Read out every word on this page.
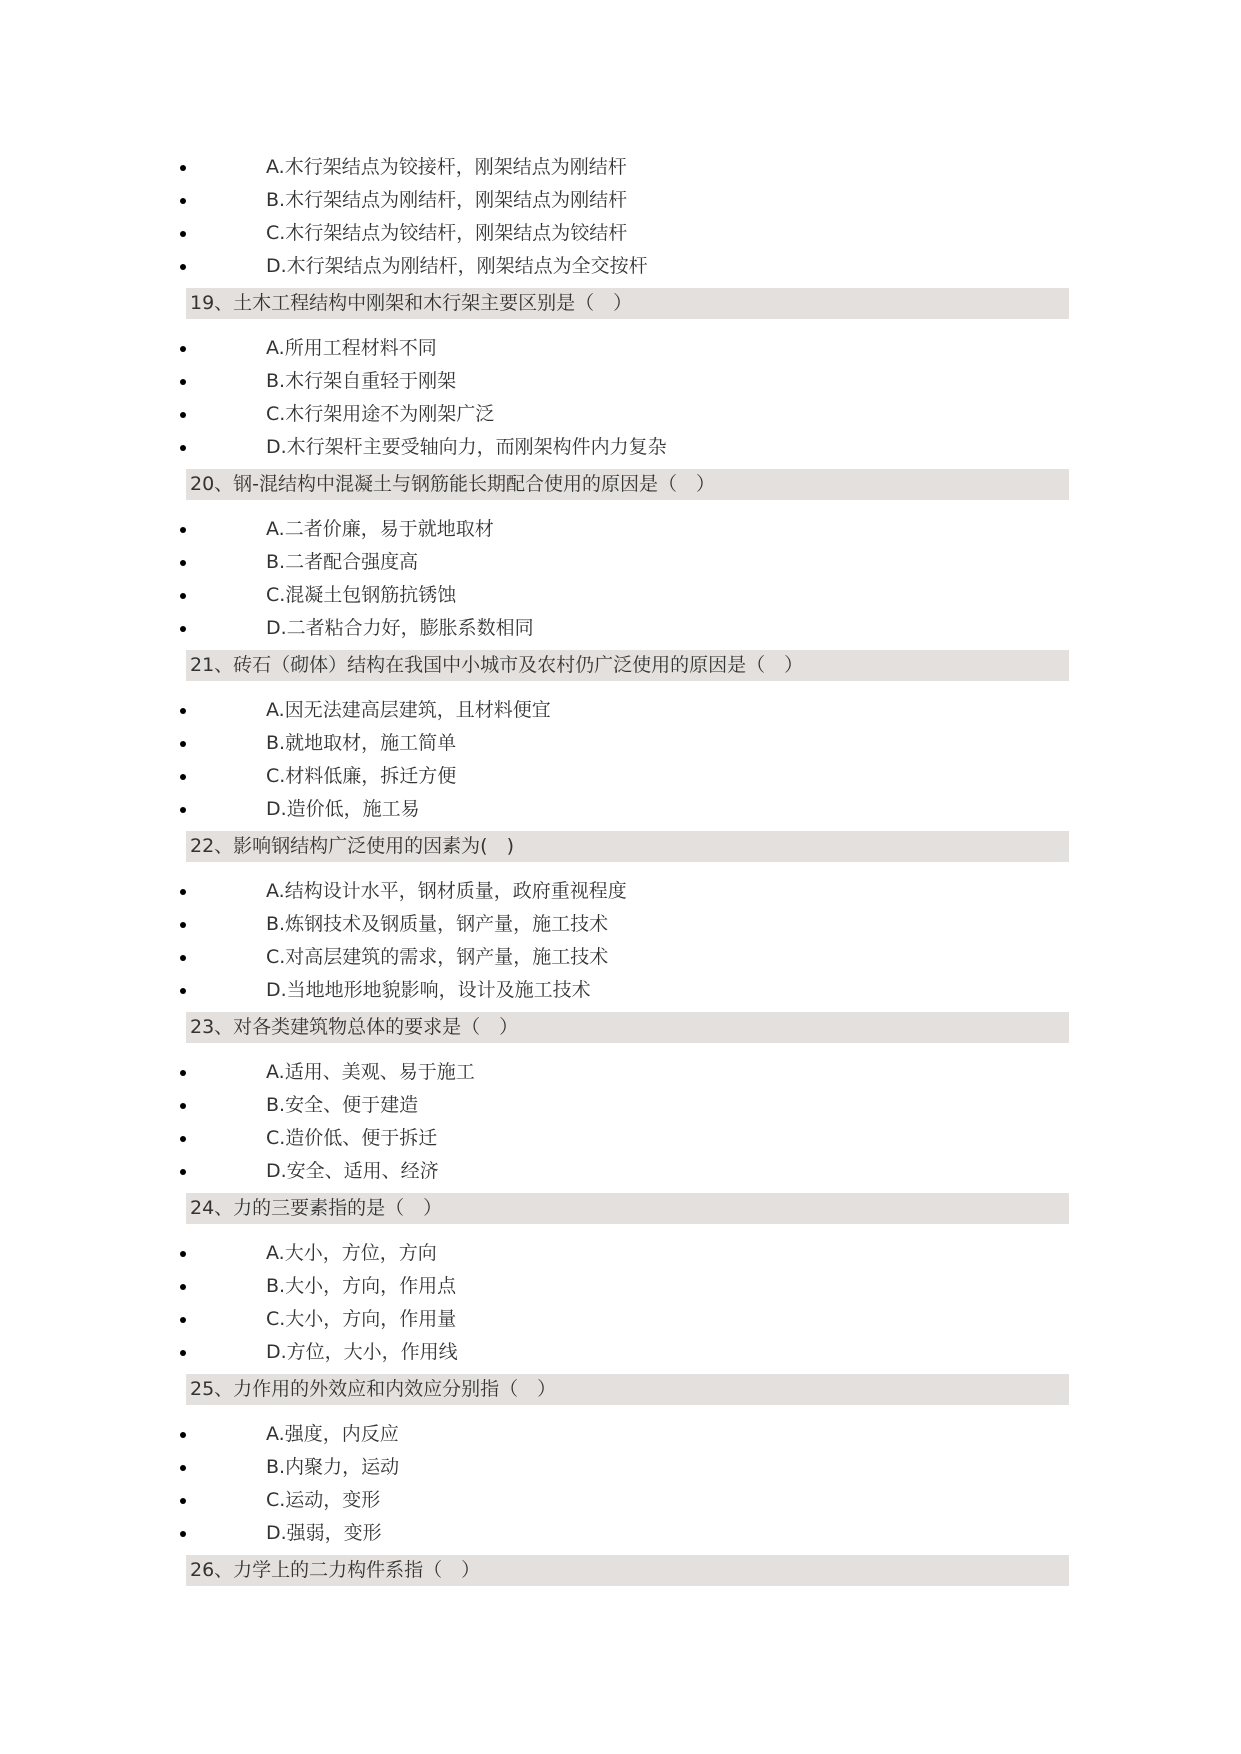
A.木行架结点为铰接杆，刚架结点为刚结杆
B.木行架结点为刚结杆，刚架结点为刚结杆
C.木行架结点为铰结杆，刚架结点为铰结杆
D.木行架结点为刚结杆，刚架结点为全交按杆
19、土木工程结构中刚架和木行架主要区别是（　）
A.所用工程材料不同
B.木行架自重轻于刚架
C.木行架用途不为刚架广泛
D.木行架杆主要受轴向力，而刚架构件内力复杂
20、钢-混结构中混凝土与钢筋能长期配合使用的原因是（　）
A.二者价廉，易于就地取材
B.二者配合强度高
C.混凝土包钢筋抗锈蚀
D.二者粘合力好，膨胀系数相同
21、砖石（砌体）结构在我国中小城市及农村仍广泛使用的原因是（　）
A.因无法建高层建筑，且材料便宜
B.就地取材，施工简单
C.材料低廉，拆迁方便
D.造价低，施工易
22、影响钢结构广泛使用的因素为(　)
A.结构设计水平，钢材质量，政府重视程度
B.炼钢技术及钢质量，钢产量，施工技术
C.对高层建筑的需求，钢产量，施工技术
D.当地地形地貌影响，设计及施工技术
23、对各类建筑物总体的要求是（　）
A.适用、美观、易于施工
B.安全、便于建造
C.造价低、便于拆迁
D.安全、适用、经济
24、力的三要素指的是（　）
A.大小，方位，方向
B.大小，方向，作用点
C.大小，方向，作用量
D.方位，大小，作用线
25、力作用的外效应和内效应分别指（　）
A.强度，内反应
B.内聚力，运动
C.运动，变形
D.强弱，变形
26、力学上的二力构件系指（　）
